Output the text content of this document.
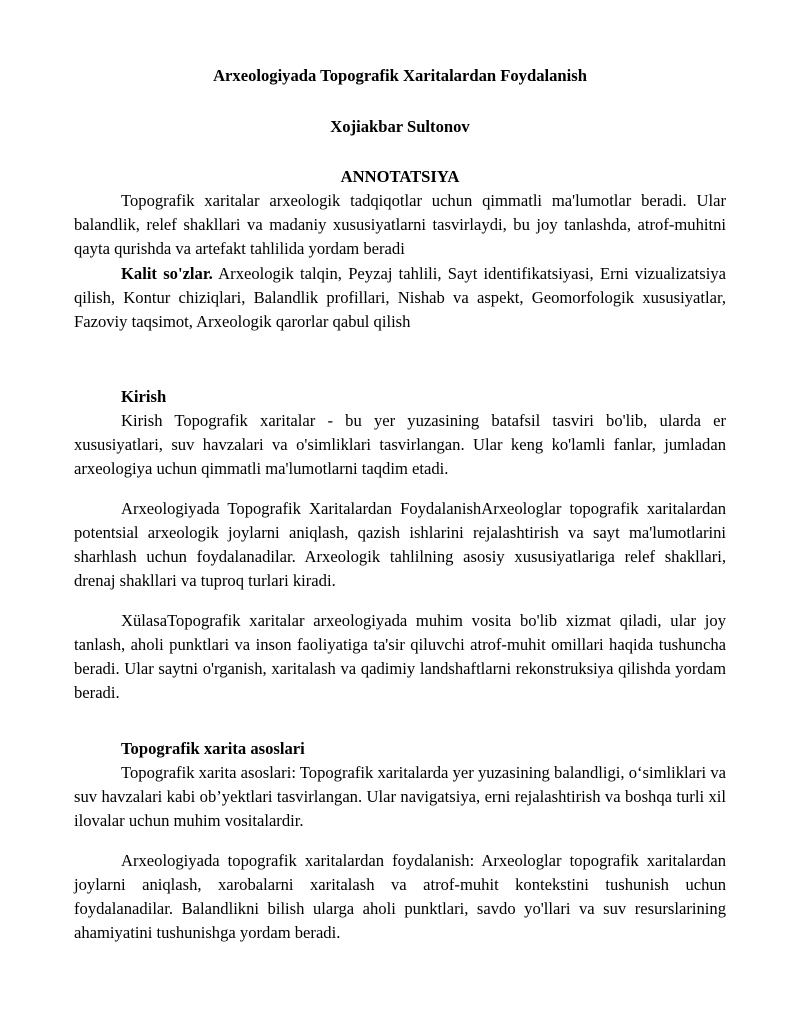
Arxeologiyada Topografik Xaritalardan Foydalanish

Xojiakbar Sultonov

ANNOTATSIYA

Topografik xaritalar arxeologik tadqiqotlar uchun qimmatli ma'lumotlar beradi. Ular balandlik, relef shakllari va madaniy xususiyatlarni tasvirlaydi, bu joy tanlashda, atrof-muhitni qayta qurishda va artefakt tahlilida yordam beradi

Kalit so'zlar. Arxeologik talqin, Peyzaj tahlili, Sayt identifikatsiyasi, Erni vizualizatsiya qilish, Kontur chiziqlari, Balandlik profillari, Nishab va aspekt, Geomorfologik xususiyatlar, Fazoviy taqsimot, Arxeologik qarorlar qabul qilish

Kirish

Kirish Topografik xaritalar - bu yer yuzasining batafsil tasviri bo'lib, ularda er xususiyatlari, suv havzalari va o'simliklari tasvirlangan. Ular keng ko'lamli fanlar, jumladan arxeologiya uchun qimmatli ma'lumotlarni taqdim etadi.

Arxeologiyada Topografik Xaritalardan FoydalanishArxeologlar topografik xaritalardan potentsial arxeologik joylarni aniqlash, qazish ishlarini rejalashtirish va sayt ma'lumotlarini sharhlash uchun foydalanadilar. Arxeologik tahlilning asosiy xususiyatlariga relef shakllari, drenaj shakllari va tuproq turlari kiradi.

XülasaTopografik xaritalar arxeologiyada muhim vosita bo'lib xizmat qiladi, ular joy tanlash, aholi punktlari va inson faoliyatiga ta'sir qiluvchi atrof-muhit omillari haqida tushuncha beradi. Ular saytni o'rganish, xaritalash va qadimiy landshaftlarni rekonstruksiya qilishda yordam beradi.

Topografik xarita asoslari

Topografik xarita asoslari: Topografik xaritalarda yer yuzasining balandligi, o‘simliklari va suv havzalari kabi ob’yektlari tasvirlangan. Ular navigatsiya, erni rejalashtirish va boshqa turli xil ilovalar uchun muhim vositalardir.

Arxeologiyada topografik xaritalardan foydalanish: Arxeologlar topografik xaritalardan joylarni aniqlash, xarobalarni xaritalash va atrof-muhit kontekstini tushunish uchun foydalanadilar. Balandlikni bilish ularga aholi punktlari, savdo yo'llari va suv resurslarining ahamiyatini tushunishga yordam beradi.
